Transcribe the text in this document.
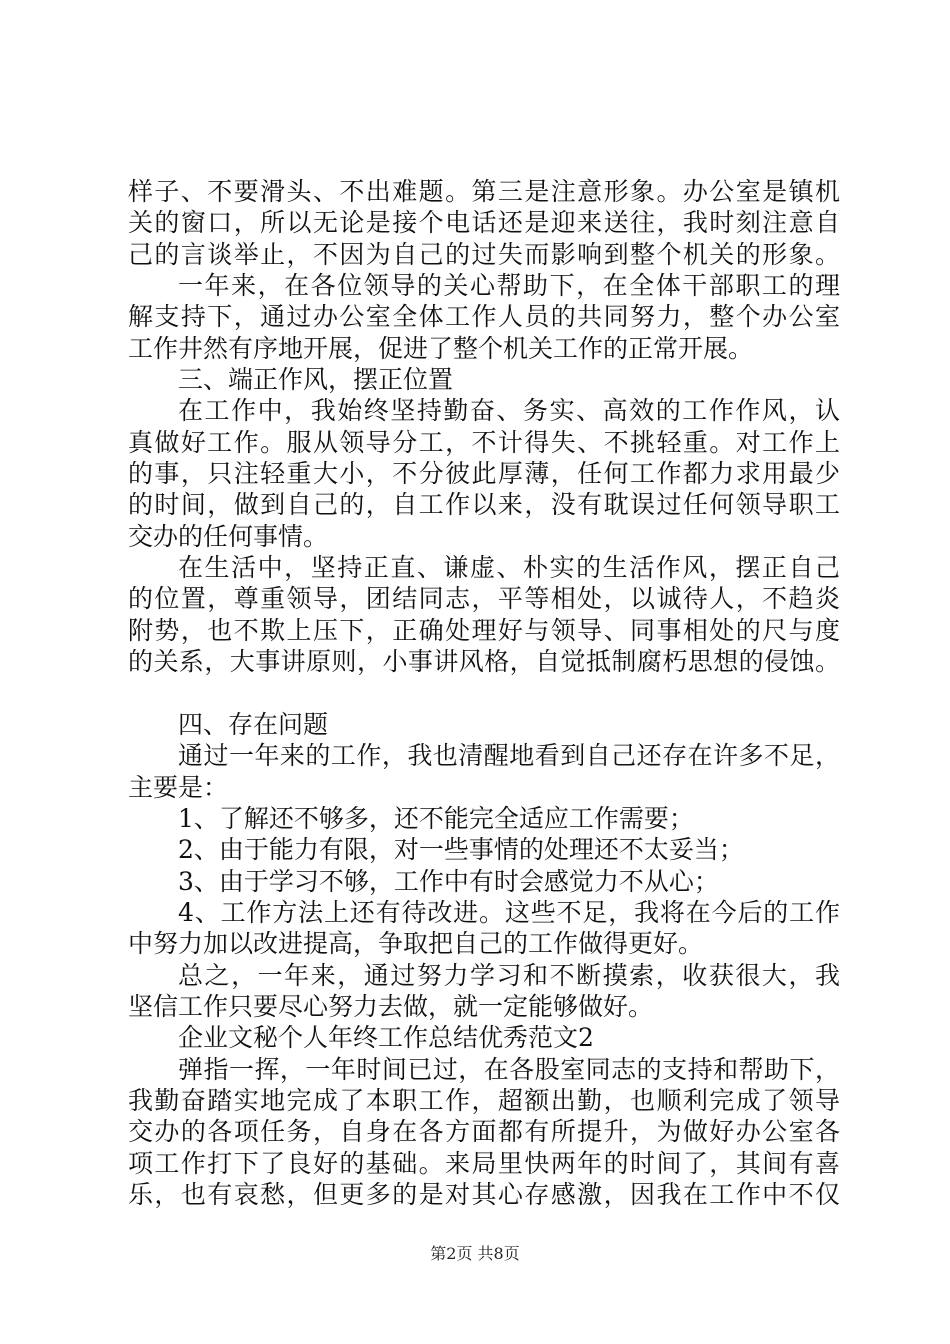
样子、不要滑头、不出难题。第三是注意形象。办公室是镇机
关的窗口，所以无论是接个电话还是迎来送往，我时刻注意自
己的言谈举止，不因为自己的过失而影响到整个机关的形象。
一年来，在各位领导的关心帮助下，在全体干部职工的理
解支持下，通过办公室全体工作人员的共同努力，整个办公室
工作井然有序地开展，促进了整个机关工作的正常开展。
三、端正作风，摆正位置
在工作中，我始终坚持勤奋、务实、高效的工作作风，认
真做好工作。服从领导分工，不计得失、不挑轻重。对工作上
的事，只注轻重大小，不分彼此厚薄，任何工作都力求用最少
的时间，做到自己的，自工作以来，没有耽误过任何领导职工
交办的任何事情。
在生活中，坚持正直、谦虚、朴实的生活作风，摆正自己
的位置，尊重领导，团结同志，平等相处，以诚待人，不趋炎
附势，也不欺上压下，正确处理好与领导、同事相处的尺与度
的关系，大事讲原则，小事讲风格，自觉抵制腐朽思想的侵蚀。
四、存在问题
通过一年来的工作，我也清醒地看到自己还存在许多不足，
主要是：
1、了解还不够多，还不能完全适应工作需要；
2、由于能力有限，对一些事情的处理还不太妥当；
3、由于学习不够，工作中有时会感觉力不从心；
4、工作方法上还有待改进。这些不足，我将在今后的工作
中努力加以改进提高，争取把自己的工作做得更好。
总之，一年来，通过努力学习和不断摸索，收获很大，我
坚信工作只要尽心努力去做，就一定能够做好。
企业文秘个人年终工作总结优秀范文2
弹指一挥，一年时间已过，在各股室同志的支持和帮助下，
我勤奋踏实地完成了本职工作，超额出勤，也顺利完成了领导
交办的各项任务，自身在各方面都有所提升，为做好办公室各
项工作打下了良好的基础。来局里快两年的时间了，其间有喜
乐，也有哀愁，但更多的是对其心存感激，因我在工作中不仅
第2页 共8页
